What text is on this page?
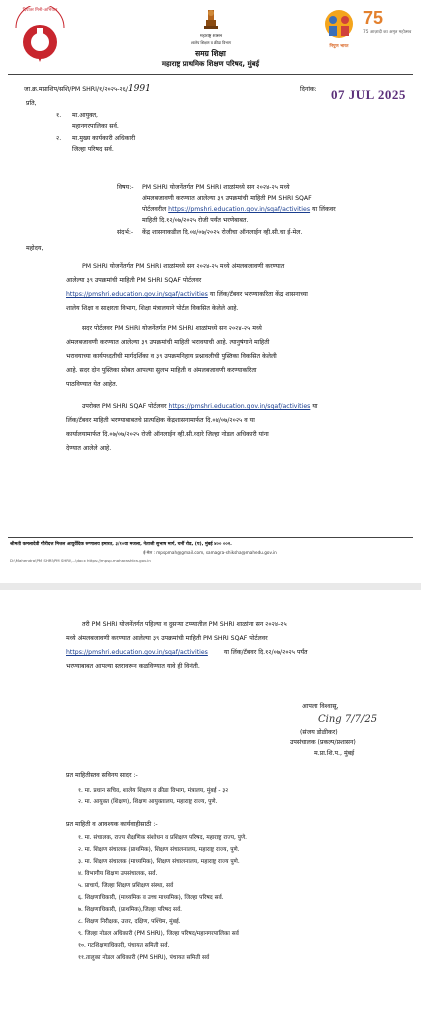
दिपांतर मिनी-अभियान
महाराष्ट्र शासन
शालेय शिक्षण व क्रीडा विभाग
समग्र शिक्षा
महाराष्ट्र प्राथमिक शिक्षण परिषद, मुंबई
निपुण भारत
75
75 आज़ादी का अमृत महोत्सव
जा.क्र.मप्राशिप/सशि/PM SHRI/१/२०२५-२६/1991	दिनांक: 07 JUL 2025
प्रति,
१. मा.आयुक्त,
महानगरपालिका सर्व.
२. मा.मुख्य कार्यकारी अधिकारी
जिल्हा परिषद सर्व.
विषय:- PM SHRI योजनेंतर्गत PM SHRI शाळांमध्ये सन २०२४-२५ मध्ये
अंमलबजावणी करण्यात आलेल्या ३९ उपक्रमांची माहिती PM SHRI SQAF
पोर्टलवरील https://pmshri.education.gov.in/sqaf/activities या लिंकवर
माहिती दि.१२/०७/२०२५ रोजी पर्यंत भरणेबाबत.
संदर्भ:- केंद्र शासनाकडील दि.०४/०७/२०२५ रोजीचा ऑनलाईन व्ही.सी.चा ई-मेल.
महोदय,
PM SHRI योजनेंतर्गत PM SHRI शाळांमध्ये सन २०२४-२५ मध्ये अंमलबजावणी करण्यात
आलेल्या ३९ उपक्रमांची माहिती PM SHRI SQAF पोर्टलवर
https://pmshri.education.gov.in/sqaf/activities या लिंक/टॅबवर भरण्याकरिता केंद्र शासनाच्या
शालेय शिक्षा व साक्षरता विभाग, शिक्षा मंत्रालयाने पोर्टल विकसित केलेले आहे.
सदर पोर्टलवर PM SHRI योजनेंतर्गत PM SHRI शाळांमध्ये सन २०२४-२५ मध्ये
अंमलबजावणी करण्यात आलेल्या ३९ उपक्रमांची माहिती भरावयाची आहे. त्यानुषंगाने माहिती
भरावयाच्या कार्यपध्दतीची मार्गदर्शिका व ३९ उपक्रमनिहाय प्रश्नावलीची पुस्तिका विकसित केलेली
आहे. सदर दोन पुस्तिका सोबत आपल्या सुलभ माहिती व अंमलबजावणी करण्याकरिता
पाठविण्यात येत आहेत.
उपरोक्त PM SHRI SQAF पोर्टलवर https://pmshri.education.gov.in/sqaf/activities या
लिंक/टॅबवर माहिती भरण्याबाबतचे प्रात्यक्षिक केंद्रशासनामार्फत दि.०४/०७/२०२५ व या
कार्यालयामार्फत दि.०७/०७/२०२५ रोजी ऑनलाईन व्ही.सी.व्दारे जिल्हा नोडल अधिकारी यांना
देण्यात आलेले आहे.
श्रीमती कमलादेवी गौरीदत्त मित्तल आयुर्वेदिक रुग्णालय इमारत, ३/१०वा मजला, नेताजी सुभाष मार्ग, चर्नी रोड, (प), मुंबई ४०० ००२.
ई-मेल : mpspmah@gmail.com, samagra-shiksha@mahedu.gov.in
D:\Mahendra\PM SHRI\PM SHRI\...\docx https://mpsp.maharashtra.gov.in
तरी PM SHRI योजनेंतर्गत पहिल्या व दुसऱ्या टप्प्यातील PM SHRI शाळांना सन २०२४-२५
मध्ये अंमलबजावणी करण्यात आलेल्या ३९ उपक्रमांची माहिती PM SHRI SQAF पोर्टलवर
https://pmshri.education.gov.in/sqaf/activities	या लिंक/टॅबवर दि.१२/०७/२०२५ पर्यंत
भरण्याबाबत आपल्या स्तरावरून कळविण्यात यावे ही विनंती.
आपला विश्वासू,
Cing 7/7/25
(संजय डोळीकर)
उपसंचालक (प्रकल्प/प्रशासन)
म.प्रा.शि.प., मुंबई
प्रत माहितीस्तव सविनय सादर :-
१. मा. प्रधान सचिव, शालेय शिक्षण व क्रीडा विभाग, मंत्रालय, मुंबई - ३२
२. मा. आयुक्त (शिक्षण), शिक्षण आयुक्तालय, महाराष्ट्र राज्य, पुणे.
प्रत माहिती व आवश्यक कार्यवाहीसाठी :-
१. मा. संचालक, राज्य शैक्षणिक संशोधन व प्रशिक्षण परिषद, महाराष्ट्र राज्य, पुणे.
२. मा. शिक्षण संचालक (प्राथमिक), शिक्षण संचालनालय, महाराष्ट्र राज्य, पुणे.
३. मा. शिक्षण संचालक (माध्यमिक), शिक्षण संचालनालय, महाराष्ट्र राज्य पुणे.
४. विभागीय शिक्षण उपसंचालक, सर्व.
५. प्राचार्य, जिल्हा शिक्षण प्रशिक्षण संस्था, सर्व
६. शिक्षणाधिकारी, (माध्यमिक व उच्च माध्यमिक), जिल्हा परिषद सर्व.
७. शिक्षणाधिकारी, (प्राथमिक),जिल्हा परिषद सर्व.
८. शिक्षण निरीक्षक, उत्तर, दक्षिण, पश्चिम, मुंबई.
९. जिल्हा नोडल अधिकारी (PM SHRI), जिल्हा परिषद/महानगरपालिका सर्व
१०. गटशिक्षणाधिकारी, पंचायत समिती सर्व.
११.तालुका नोडल अधिकारी (PM SHRI), पंचायत समिती सर्व
